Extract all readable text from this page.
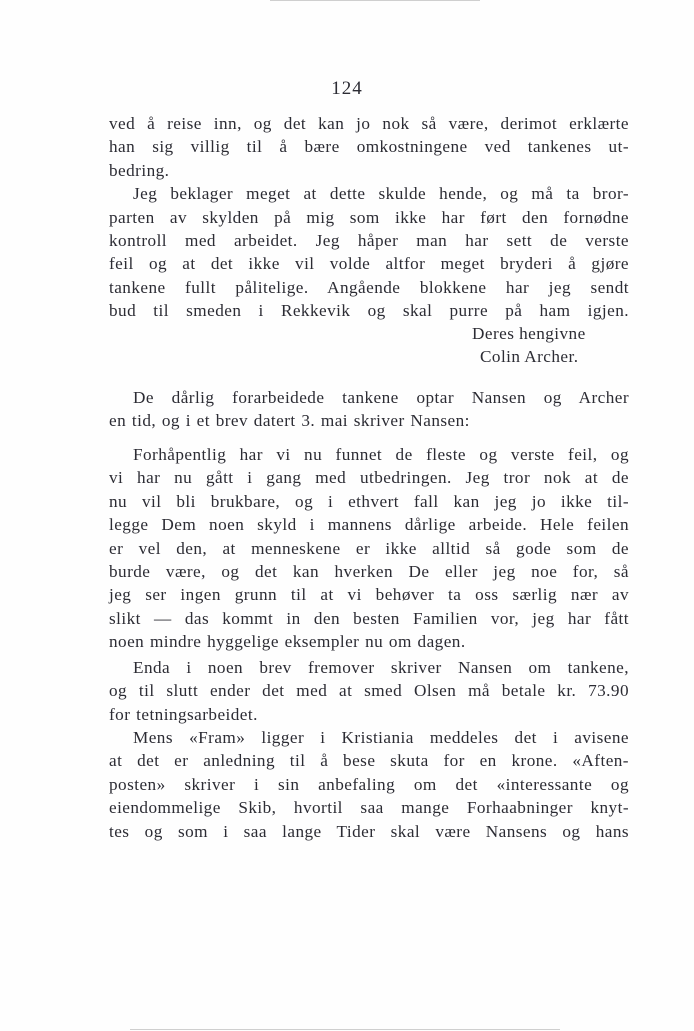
124
ved å reise inn, og det kan jo nok så være, derimot erklærte
han sig villig til å bære omkostningene ved tankenes ut-
bedring.
Jeg beklager meget at dette skulde hende, og må ta bror-
parten av skylden på mig som ikke har ført den fornødne
kontroll med arbeidet. Jeg håper man har sett de verste
feil og at det ikke vil volde altfor meget bryderi å gjøre
tankene fullt pålitelige. Angående blokkene har jeg sendt
bud til smeden i Rekkevik og skal purre på ham igjen.
Deres hengivne
Colin Archer.
De dårlig forarbeidede tankene optar Nansen og Archer
en tid, og i et brev datert 3. mai skriver Nansen:
Forhåpentlig har vi nu funnet de fleste og verste feil, og
vi har nu gått i gang med utbedringen. Jeg tror nok at de
nu vil bli brukbare, og i ethvert fall kan jeg jo ikke til-
legge Dem noen skyld i mannens dårlige arbeide. Hele feilen
er vel den, at menneskene er ikke alltid så gode som de
burde være, og det kan hverken De eller jeg noe for, så
jeg ser ingen grunn til at vi behøver ta oss særlig nær av
slikt — das kommt in den besten Familien vor, jeg har fått
noen mindre hyggelige eksempler nu om dagen.
Enda i noen brev fremover skriver Nansen om tankene,
og til slutt ender det med at smed Olsen må betale kr. 73.90
for tetningsarbeidet.
Mens «Fram» ligger i Kristiania meddeles det i avisene
at det er anledning til å bese skuta for en krone. «Aften-
posten» skriver i sin anbefaling om det «interessante og
eiendommelige Skib, hvortil saa mange Forhaabninger knyt-
tes og som i saa lange Tider skal være Nansens og hans
